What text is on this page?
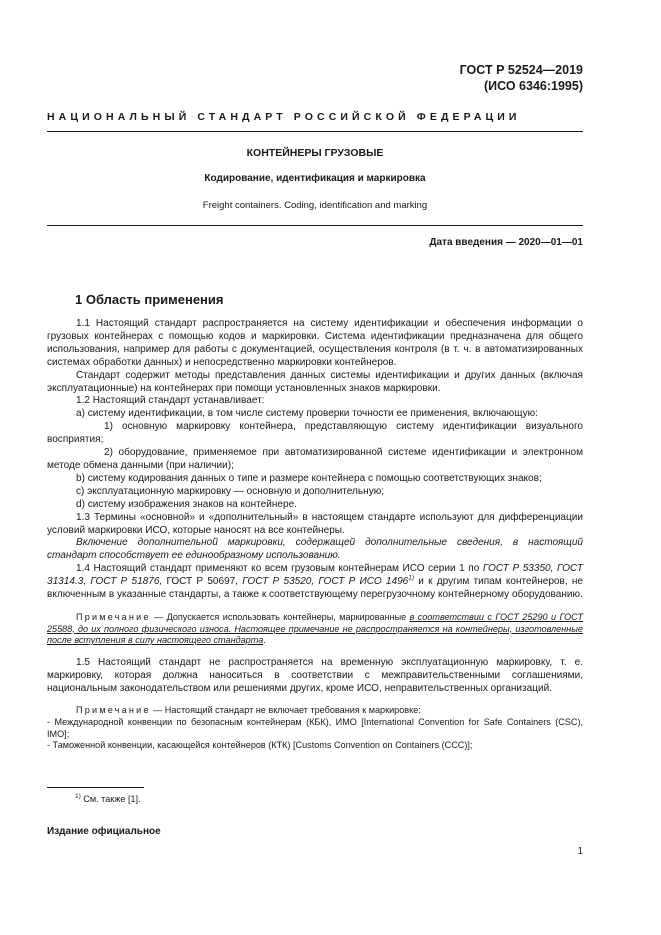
ГОСТ Р 52524—2019
(ИСО 6346:1995)
НАЦИОНАЛЬНЫЙ СТАНДАРТ РОССИЙСКОЙ ФЕДЕРАЦИИ
КОНТЕЙНЕРЫ ГРУЗОВЫЕ
Кодирование, идентификация и маркировка
Freight containers. Coding, identification and marking
Дата введения — 2020—01—01
1 Область применения

1.1 Настоящий стандарт распространяется на систему идентификации и обеспечения информации о грузовых контейнерах с помощью кодов и маркировки. Система идентификации предназначена для общего использования, например для работы с документацией, осуществления контроля (в т. ч. в автоматизированных системах обработки данных) и непосредственно маркировки контейнеров.

Стандарт содержит методы представления данных системы идентификации и других данных (включая эксплуатационные) на контейнерах при помощи установленных знаков маркировки.

1.2 Настоящий стандарт устанавливает:

а) систему идентификации, в том числе систему проверки точности ее применения, включающую:

1) основную маркировку контейнера, представляющую систему идентификации визуального восприятия;

2) оборудование, применяемое при автоматизированной системе идентификации и электронном методе обмена данными (при наличии);

b) систему кодирования данных о типе и размере контейнера с помощью соответствующих знаков;

с) эксплуатационную маркировку — основную и дополнительную;

d) систему изображения знаков на контейнере.

1.3 Термины «основной» и «дополнительный» в настоящем стандарте используют для дифференциации условий маркировки ИСО, которые наносят на все контейнеры.

Включение дополнительной маркировки, содержащей дополнительные сведения, в настоящий стандарт способствует ее единообразному использованию.

1.4 Настоящий стандарт применяют ко всем грузовым контейнерам ИСО серии 1 по ГОСТ Р 53350, ГОСТ 31314.3, ГОСТ Р 51876, ГОСТ Р 50697, ГОСТ Р 53520, ГОСТ Р ИСО 1496$^{1)}$ и к другим типам контейнеров, не включенным в указанные стандарты, а также к соответствующему перегрузочному контейнерному оборудованию.

Примечание — Допускается использовать контейнеры, маркированные в соответствии с ГОСТ 25290 и ГОСТ 25588, до их полного физического износа. Настоящее примечание не распространяется на контейнеры, изготовленные после вступления в силу настоящего стандарта.

1.5 Настоящий стандарт не распространяется на временную эксплуатационную маркировку, т. е. маркировку, которая должна наноситься в соответствии с межправительственными соглашениями, национальным законодательством или решениями других, кроме ИСО, неправительственных организаций.

Примечание — Настоящий стандарт не включает требования к маркировке:

- Международной конвенции по безопасным контейнерам (КБК), ИМО [International Convention for Safe Containers (CSC), IMO];

- Таможенной конвенции, касающейся контейнеров (КТК) [Customs Convention on Containers (CCC)];

$^{1)}$ См. также [1].
Издание официальное
1
